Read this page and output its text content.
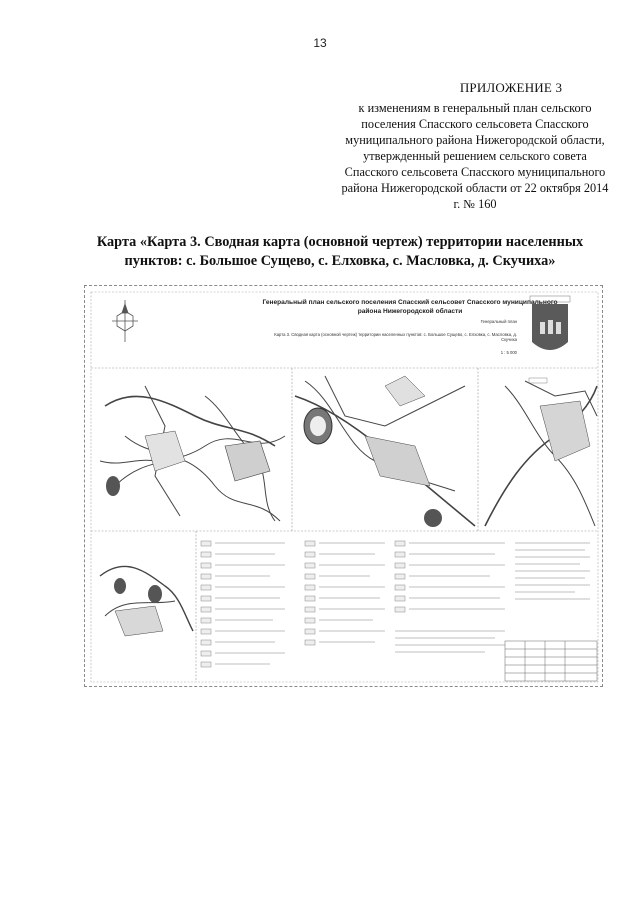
13
ПРИЛОЖЕНИЕ 3
к изменениям в генеральный план сельского поселения Спасского сельсовета Спасского муниципального района Нижегородской области, утвержденный решением сельского совета Спасского сельсовета Спасского муниципального района Нижегородской области от 22 октября 2014 г. № 160
Карта «Карта 3. Сводная карта (основной чертеж) территории населенных пунктов: с. Большое Сущево, с. Елховка, с. Масловка, д. Скучиха»
Генеральный план сельского поселения Спасский сельсовет Спасского муниципального района Нижегородской области
Генеральный план
Карта 3. Сводная карта (основной чертеж) территории населенных пунктов: с. Большое Сущево, с. Елховка, с. Масловка, д. Скучиха
1 : 5 000
